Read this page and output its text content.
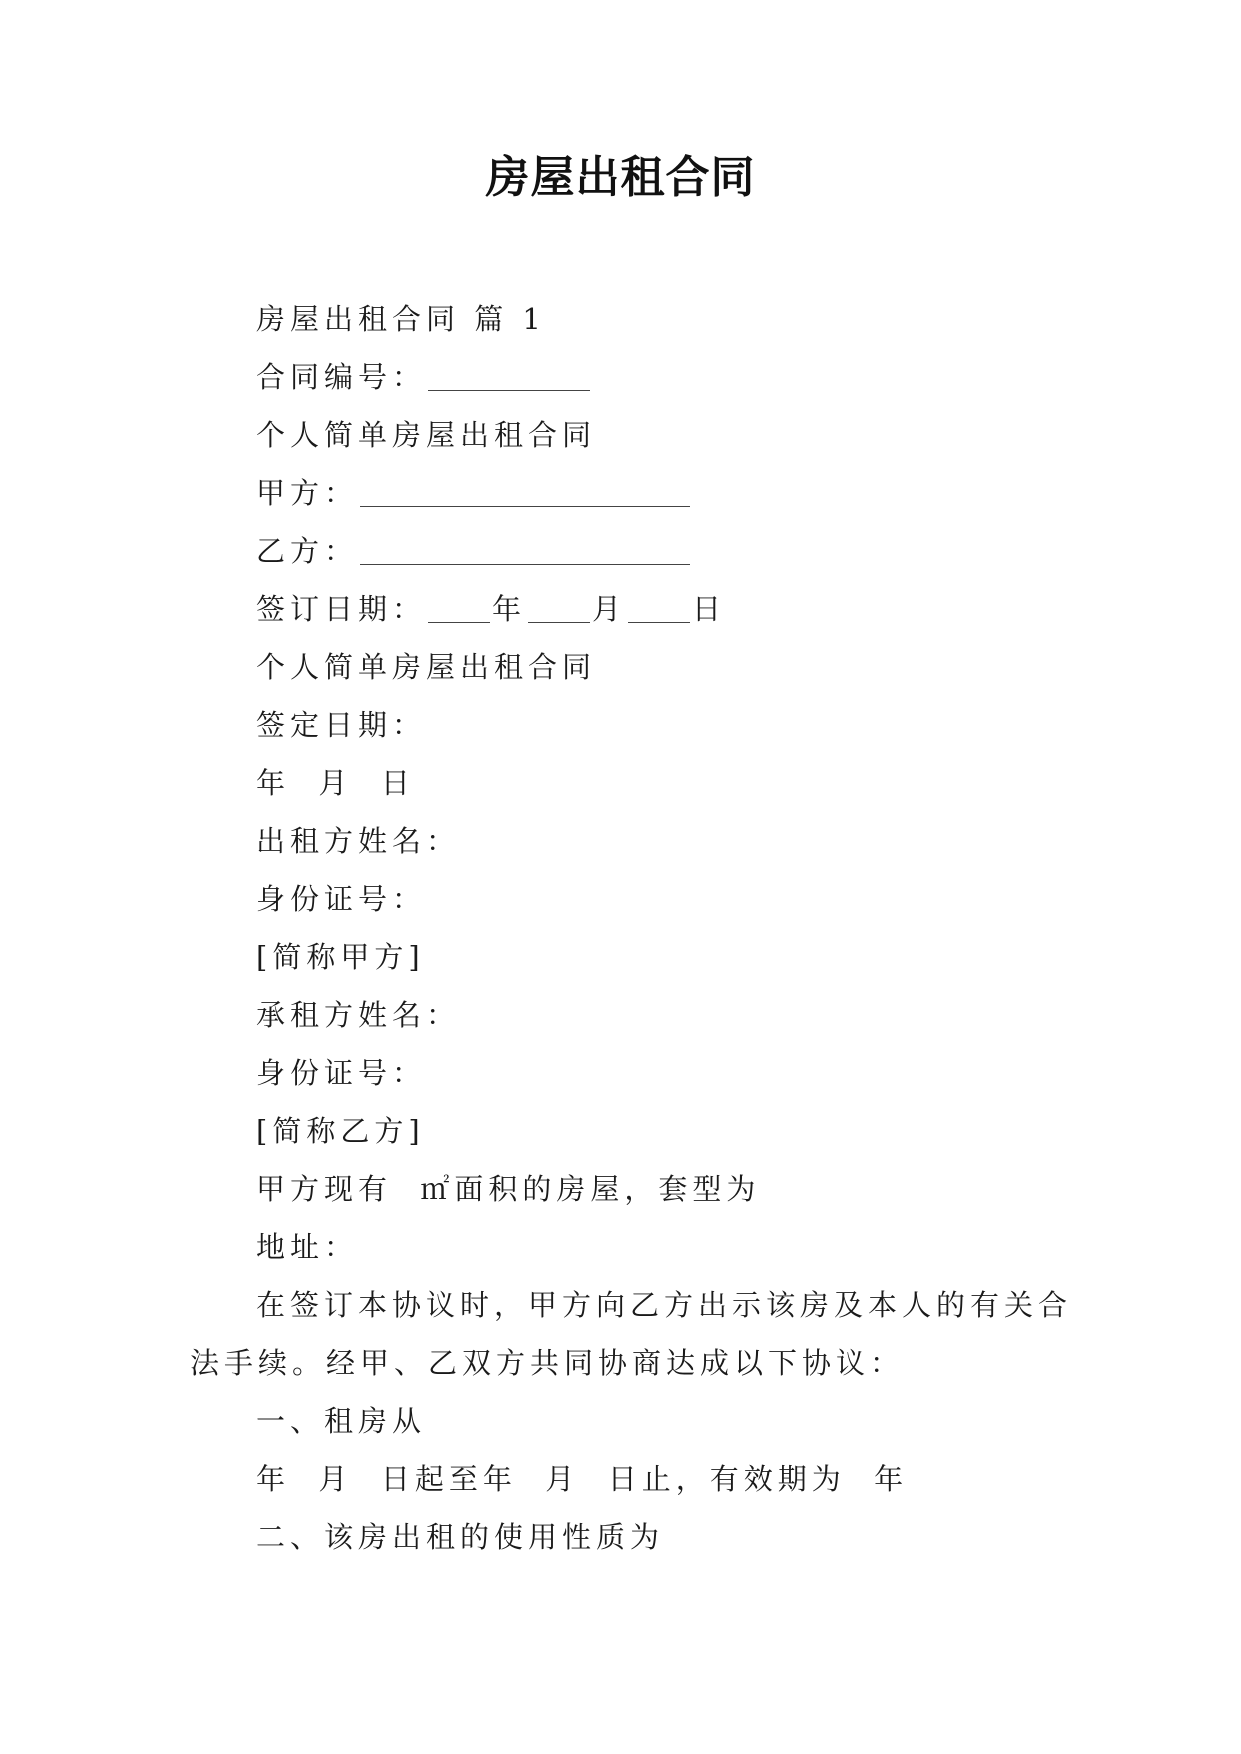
房屋出租合同
房屋出租合同 篇 1
合同编号：
个人简单房屋出租合同
甲方：
乙方：
签订日期： 年 月 日
个人简单房屋出租合同
签定日期：
年  月  日
出租方姓名：
身份证号：
[简称甲方]
承租方姓名：
身份证号：
[简称乙方]
甲方现有  ㎡面积的房屋，套型为
地址：
在签订本协议时，甲方向乙方出示该房及本人的有关合
法手续。经甲、乙双方共同协商达成以下协议：
一、租房从
年  月  日起至年  月  日止，有效期为  年
二、该房出租的使用性质为
